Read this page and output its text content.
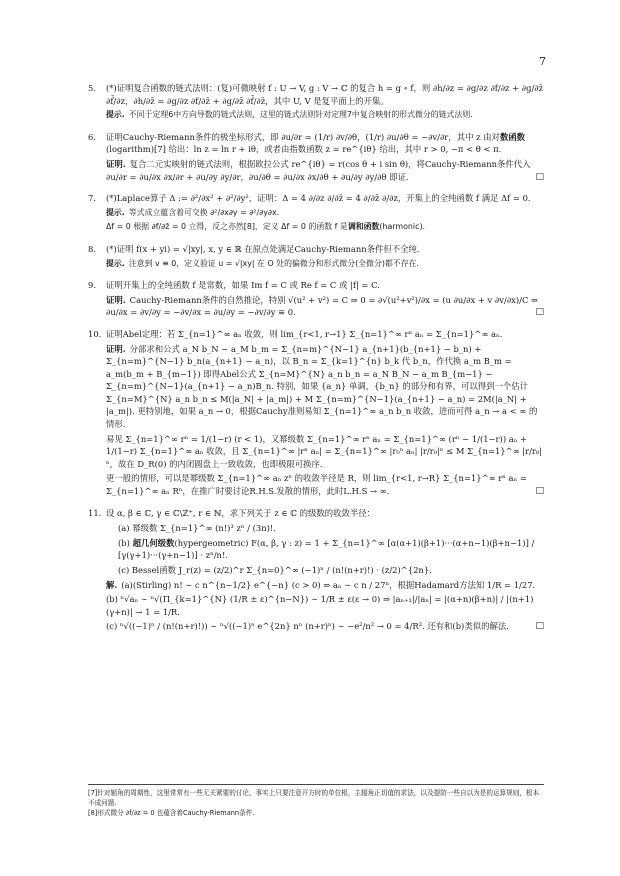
7
5. (*)证明复合函数的链式法则：(复)可微映射 f : U → V, g : V → ℂ 的复合 h = g ∘ f，则 ∂h/∂z = ∂g/∂z ∂f/∂z + ∂g/∂z̄ ∂f̄/∂z，∂h/∂z̄ = ∂g/∂z ∂f/∂z̄ + ∂g/∂z̄ ∂f̄/∂z̄，其中 U, V 是复平面上的开集。

提示. 不同于定理6中方向导数的链式法则，这里的链式法则针对定理7中复合映射的形式微分的链式法则.

6. 证明Cauchy-Riemann条件的极坐标形式，即 ∂u/∂r = (1/r) ∂v/∂θ，(1/r) ∂u/∂θ = −∂v/∂r，其中 z 由对数函数(logarithm)[7] 给出：ln z = ln r + iθ，或者由指数函数 z = re^{iθ} 给出，其中 r > 0, −π < θ < π.

证明. 复合二元实映射的链式法则，根据欧拉公式 re^{iθ} = r(cos θ + i sin θ)，将Cauchy-Riemann条件代入 ∂u/∂r = ∂u/∂x ∂x/∂r + ∂u/∂y ∂y/∂r，∂u/∂θ = ∂u/∂x ∂x/∂θ + ∂u/∂y ∂y/∂θ 即证.	□

7. (*)Laplace算子 Δ := ∂²/∂x² + ∂²/∂y²，证明：Δ = 4 ∂/∂z ∂/∂z̄ = 4 ∂/∂z̄ ∂/∂z，开集上的全纯函数 f 满足 Δf = 0.

提示. 等式成立蕴含着可交换 ∂²/∂x∂y = ∂²/∂y∂x.

Δf = 0 根据 ∂f/∂z̄ = 0 立得，反之亦然[8]，定义 Δf = 0 的函数 f 是调和函数(harmonic).

8. (*)证明 f(x + yi) = √|xy|, x, y ∈ ℝ 在原点处满足Cauchy-Riemann条件但不全纯.

提示. 注意到 v ≡ 0，定义验证 u = √|xy| 在 O 处的偏微分和形式微分(全微分)都不存在.

9. 证明开集上的全纯函数 f 是常数，如果 Im f = C 或 Re f = C 或 |f| = C.

证明. Cauchy-Riemann条件的自然推论，特别 √(u² + v²) = C ⇒ 0 = ∂√(u²+v²)/∂x = (u ∂u/∂x + v ∂v/∂x)/C ⇒ ∂u/∂x = ∂v/∂y = −∂v/∂x = ∂u/∂y = −∂v/∂y ≡ 0.	□

10. 证明Abel定理：若 Σ_{n=1}^∞ aₙ 收敛，则 lim_{r<1, r→1} Σ_{n=1}^∞ rⁿ aₙ = Σ_{n=1}^∞ aₙ.

证明. 分部求和公式 a_N b_N − a_M b_m = Σ_{n=m}^{N−1} a_{n+1}(b_{n+1} − b_n) + Σ_{n=m}^{N−1} b_n(a_{n+1} − a_n)，以 B_n = Σ_{k=1}^{n} b_k 代 b_n，作代换 a_m B_m = a_m(b_m + B_{m−1}) 即得Abel公式 Σ_{n=M}^{N} a_n b_n = a_N B_N − a_m B_{m−1} − Σ_{n=m}^{N−1}(a_{n+1} − a_n)B_n. 特别，如果 {a_n} 单调，{b_n} 的部分和有界，可以得到一个估计 Σ_{n=M}^{N} a_n b_n ≤ M(|a_N| + |a_m|) + M Σ_{n=m}^{N−1}(a_{n+1} − a_n) = 2M(|a_N| + |a_m|). 更特别地，如果 a_n → 0，根据Cauchy准则易知 Σ_{n=1}^∞ a_n b_n 收敛，进而可得 a_n → a < ∞ 的情形.

易见 Σ_{n=1}^∞ rⁿ = 1/(1−r) (r < 1)，又幂级数 Σ_{n=1}^∞ rⁿ aₙ = Σ_{n=1}^∞ (rⁿ − 1/(1−r)) aₙ + 1/(1−r) Σ_{n=1}^∞ aₙ 收敛，且 Σ_{n=1}^∞ |rⁿ aₙ| = Σ_{n=1}^∞ |r₀ⁿ aₙ| |r/r₀|ⁿ ≤ M Σ_{n=1}^∞ |r/r₀|ⁿ，故在 D_R(0) 的内闭圆盘上一致收敛，也即极限可换序.

更一般的情形，可以是幂级数 Σ_{n=1}^∞ aₙ zⁿ 的收敛半径是 R，则 lim_{r<1, r→R} Σ_{n=1}^∞ rⁿ aₙ = Σ_{n=1}^∞ aₙ Rⁿ，在推广时要讨论R.H.S.发散的情形，此时L.H.S → ∞.	□

11. 设 α, β ∈ ℂ, γ ∈ ℂ\ℤ⁺, r ∈ ℕ，求下列关于 z ∈ ℂ 的级数的收敛半径：

(a) 幂级数 Σ_{n=1}^∞ (n!)³ zⁿ / (3n)!.
(b) 超几何级数(hypergeometric) F(α, β, γ : z) = 1 + Σ_{n=1}^∞ [α(α+1)(β+1)···(α+n−1)(β+n−1)] / [γ(γ+1)···(γ+n−1)] · zⁿ/n!.
(c) Bessel函数 J_r(z) = (z/2)^r Σ_{n=0}^∞ (−1)ⁿ / (n!(n+r)!) · (z/2)^{2n}.

解. (a)(Stirling) n! ∼ c n^{n−1/2} e^{−n} (c > 0) ⇒ aₙ ∼ c n / 27ⁿ，根据Hadamard方法知 1/R = 1/27.

(b) ⁿ√aₙ ∼ ⁿ√(Π_{k=1}^{N} (1/R ± ε)^{n−N}) ∼ 1/R ± ε(ε → 0) ⇒ |aₙ₊₁|/|aₙ| = |(α+n)(β+n)| / |(n+1)(γ+n)| → 1 = 1/R.

(c) ⁿ√((−1)ⁿ / (n!(n+r)!)) ∼ ⁿ√((−1)ⁿ e^{2n} nⁿ (n+r)ⁿ) ∼ −e²/n² → 0 = 4/R². 还有和(b)类似的解法.	□

[7]针对辐角的周期性，这里常常有一些无关紧要的讨论，事实上只要注意开方时的单位根，主辐角正切值的求法，以及提防一些自以为是的运算规则，根本不成问题.

[8]形式微分 ∂f/∂z = 0 也蕴含着Cauchy-Riemann条件.
